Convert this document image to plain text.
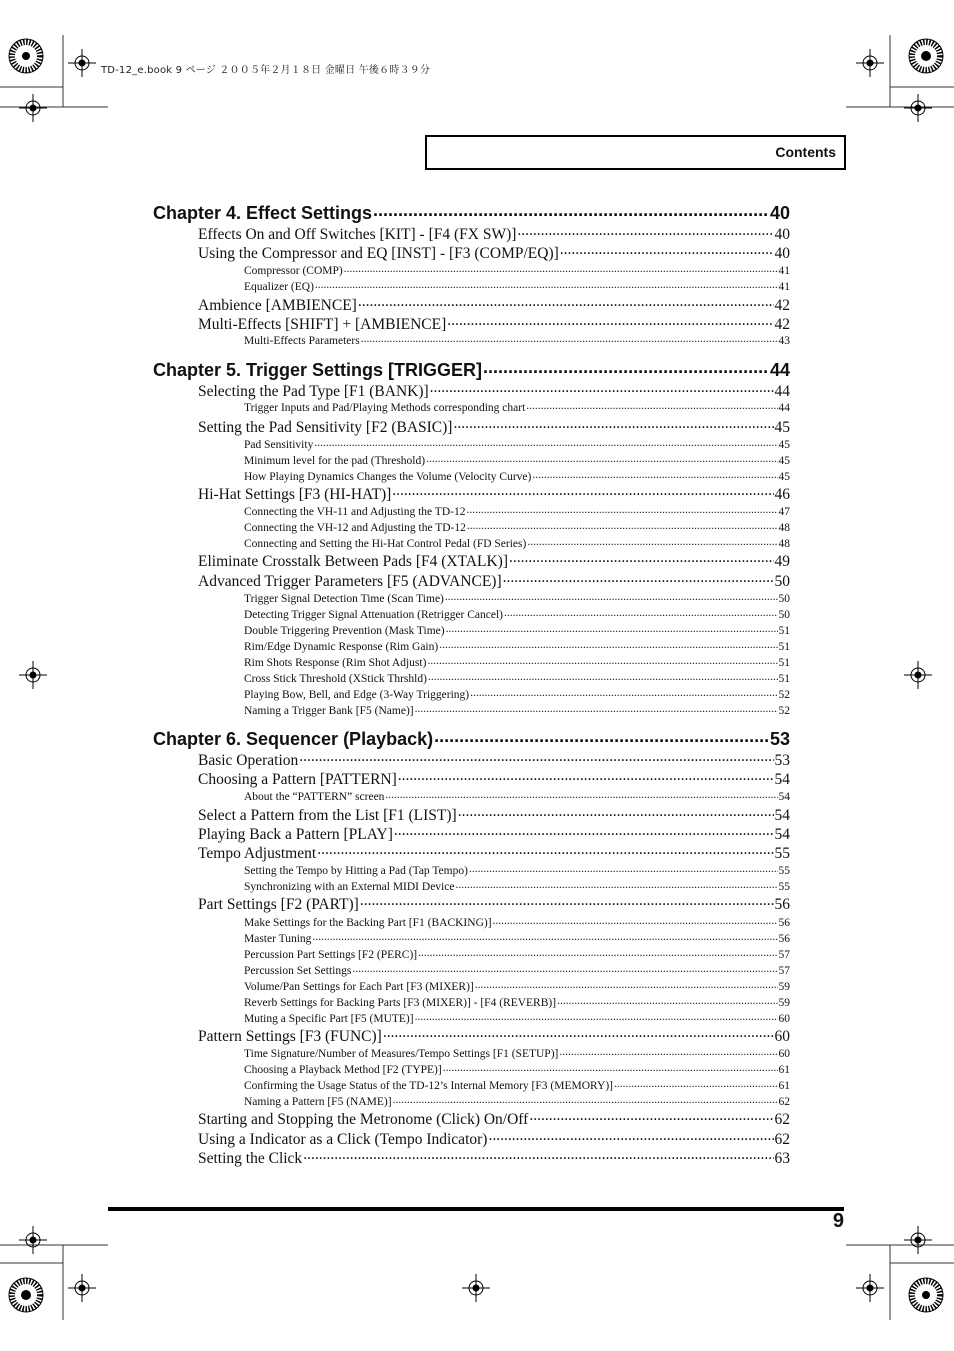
TD-12_e.book 9 ページ ２００５年２月１８日 金曜日 午後６時３９分
Contents
Chapter 4. Effect Settings .....	40
Effects On and Off Switches [KIT] - [F4 (FX SW)] .....	40
Using the Compressor and EQ [INST] - [F3 (COMP/EQ)] .....	40
Compressor (COMP) .....	41
Equalizer (EQ) .....	41
Ambience [AMBIENCE] .....	42
Multi-Effects [SHIFT] + [AMBIENCE] .....	42
Multi-Effects Parameters .....	43
Chapter 5. Trigger Settings [TRIGGER] .....	44
Selecting the Pad Type [F1 (BANK)] .....	44
Trigger Inputs and Pad/Playing Methods corresponding chart .....	44
Setting the Pad Sensitivity [F2 (BASIC)] .....	45
Pad Sensitivity .....	45
Minimum level for the pad (Threshold) .....	45
How Playing Dynamics Changes the Volume (Velocity Curve) .....	45
Hi-Hat Settings [F3 (HI-HAT)] .....	46
Connecting the VH-11 and Adjusting the TD-12 .....	47
Connecting the VH-12 and Adjusting the TD-12 .....	48
Connecting and Setting the Hi-Hat Control Pedal (FD Series) .....	48
Eliminate Crosstalk Between Pads [F4 (XTALK)] .....	49
Advanced Trigger Parameters [F5 (ADVANCE)] .....	50
Trigger Signal Detection Time (Scan Time) .....	50
Detecting Trigger Signal Attenuation (Retrigger Cancel) .....	50
Double Triggering Prevention (Mask Time) .....	51
Rim/Edge Dynamic Response (Rim Gain) .....	51
Rim Shots Response (Rim Shot Adjust) .....	51
Cross Stick Threshold (XStick Thrshld) .....	51
Playing Bow, Bell, and Edge (3-Way Triggering) .....	52
Naming a Trigger Bank [F5 (Name)] .....	52
Chapter 6. Sequencer (Playback) .....	53
Basic Operation .....	53
Choosing a Pattern [PATTERN] .....	54
About the “PATTERN” screen .....	54
Select a Pattern from the List [F1 (LIST)] .....	54
Playing Back a Pattern [PLAY] .....	54
Tempo Adjustment .....	55
Setting the Tempo by Hitting a Pad (Tap Tempo) .....	55
Synchronizing with an External MIDI Device .....	55
Part Settings [F2 (PART)] .....	56
Make Settings for the Backing Part [F1 (BACKING)] .....	56
Master Tuning .....	56
Percussion Part Settings [F2 (PERC)] .....	57
Percussion Set Settings .....	57
Volume/Pan Settings for Each Part [F3 (MIXER)] .....	59
Reverb Settings for Backing Parts [F3 (MIXER)] - [F4 (REVERB)] .....	59
Muting a Specific Part [F5 (MUTE)] .....	60
Pattern Settings [F3 (FUNC)] .....	60
Time Signature/Number of Measures/Tempo Settings [F1 (SETUP)] .....	60
Choosing a Playback Method [F2 (TYPE)] .....	61
Confirming the Usage Status of the TD-12’s Internal Memory [F3 (MEMORY)] .....	61
Naming a Pattern [F5 (NAME)] .....	62
Starting and Stopping the Metronome (Click) On/Off .....	62
Using a Indicator as a Click (Tempo Indicator) .....	62
Setting the Click .....	63
9
